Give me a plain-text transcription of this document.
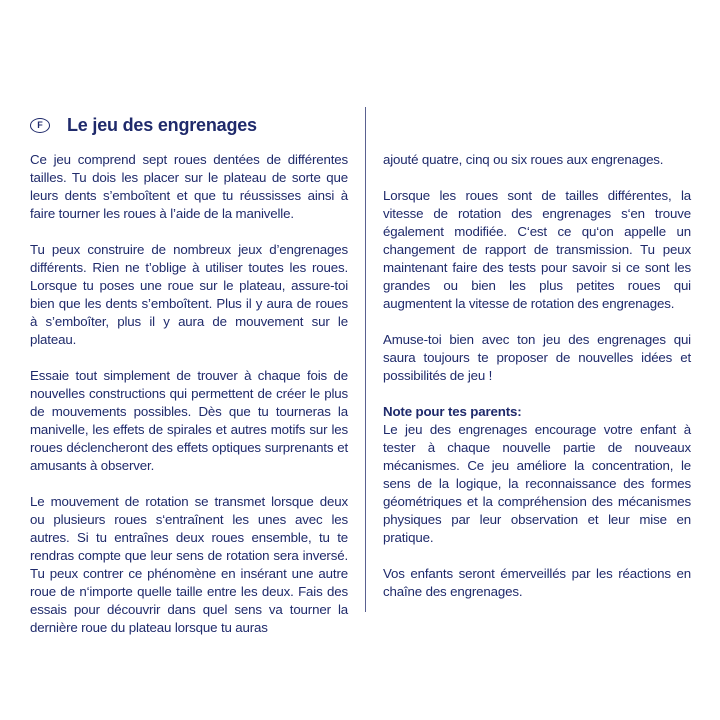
F	Le jeu des engrenages

Ce jeu comprend sept roues dentées de différentes tailles. Tu dois les placer sur le plateau de sorte que leurs dents s’emboîtent et que tu réussisses ainsi à faire tourner les roues à l’aide de la manivelle.

Tu peux construire de nombreux jeux d’engrenages différents. Rien ne t’oblige à utiliser toutes les roues. Lorsque tu poses une roue sur le plateau, assure-toi bien que les dents s’emboîtent. Plus il y aura de roues à s’emboîter, plus il y aura de mouvement sur le plateau.

Essaie tout simplement de trouver à chaque fois de nouvelles constructions qui permettent de créer le plus de mouvements possibles. Dès que tu tourneras la manivelle, les effets de spirales et autres motifs sur les roues déclencheront des effets optiques surprenants et amusants à observer.

Le mouvement de rotation se transmet lorsque deux ou plusieurs roues s‘entraînent les unes avec les autres. Si tu entraînes deux roues ensemble, tu te rendras compte que leur sens de rotation sera inversé. Tu peux contrer ce phénomène en insérant une autre roue de n‘importe quelle taille entre les deux. Fais des essais pour découvrir dans quel sens va tourner la dernière roue du plateau lorsque tu auras

ajouté quatre, cinq ou six roues aux engrenages.

Lorsque les roues sont de tailles différentes, la vitesse de rotation des engrenages s‘en trouve également modifiée. C‘est ce qu‘on appelle un changement de rapport de transmission. Tu peux maintenant faire des tests pour savoir si ce sont les grandes ou bien les plus petites roues qui augmentent la vitesse de rotation des engrenages.

Amuse-toi bien avec ton jeu des engrenages qui saura toujours te proposer de nouvelles idées et possibilités de jeu !

Note pour tes parents:
Le jeu des engrenages encourage votre enfant à tester à chaque nouvelle partie de nouveaux mécanismes. Ce jeu améliore la concentration, le sens de la logique, la reconnaissance des formes géométriques et la compréhension des mécanismes physiques par leur observation et leur mise en pratique.

Vos enfants seront émerveillés par les réactions en chaîne des engrenages.
